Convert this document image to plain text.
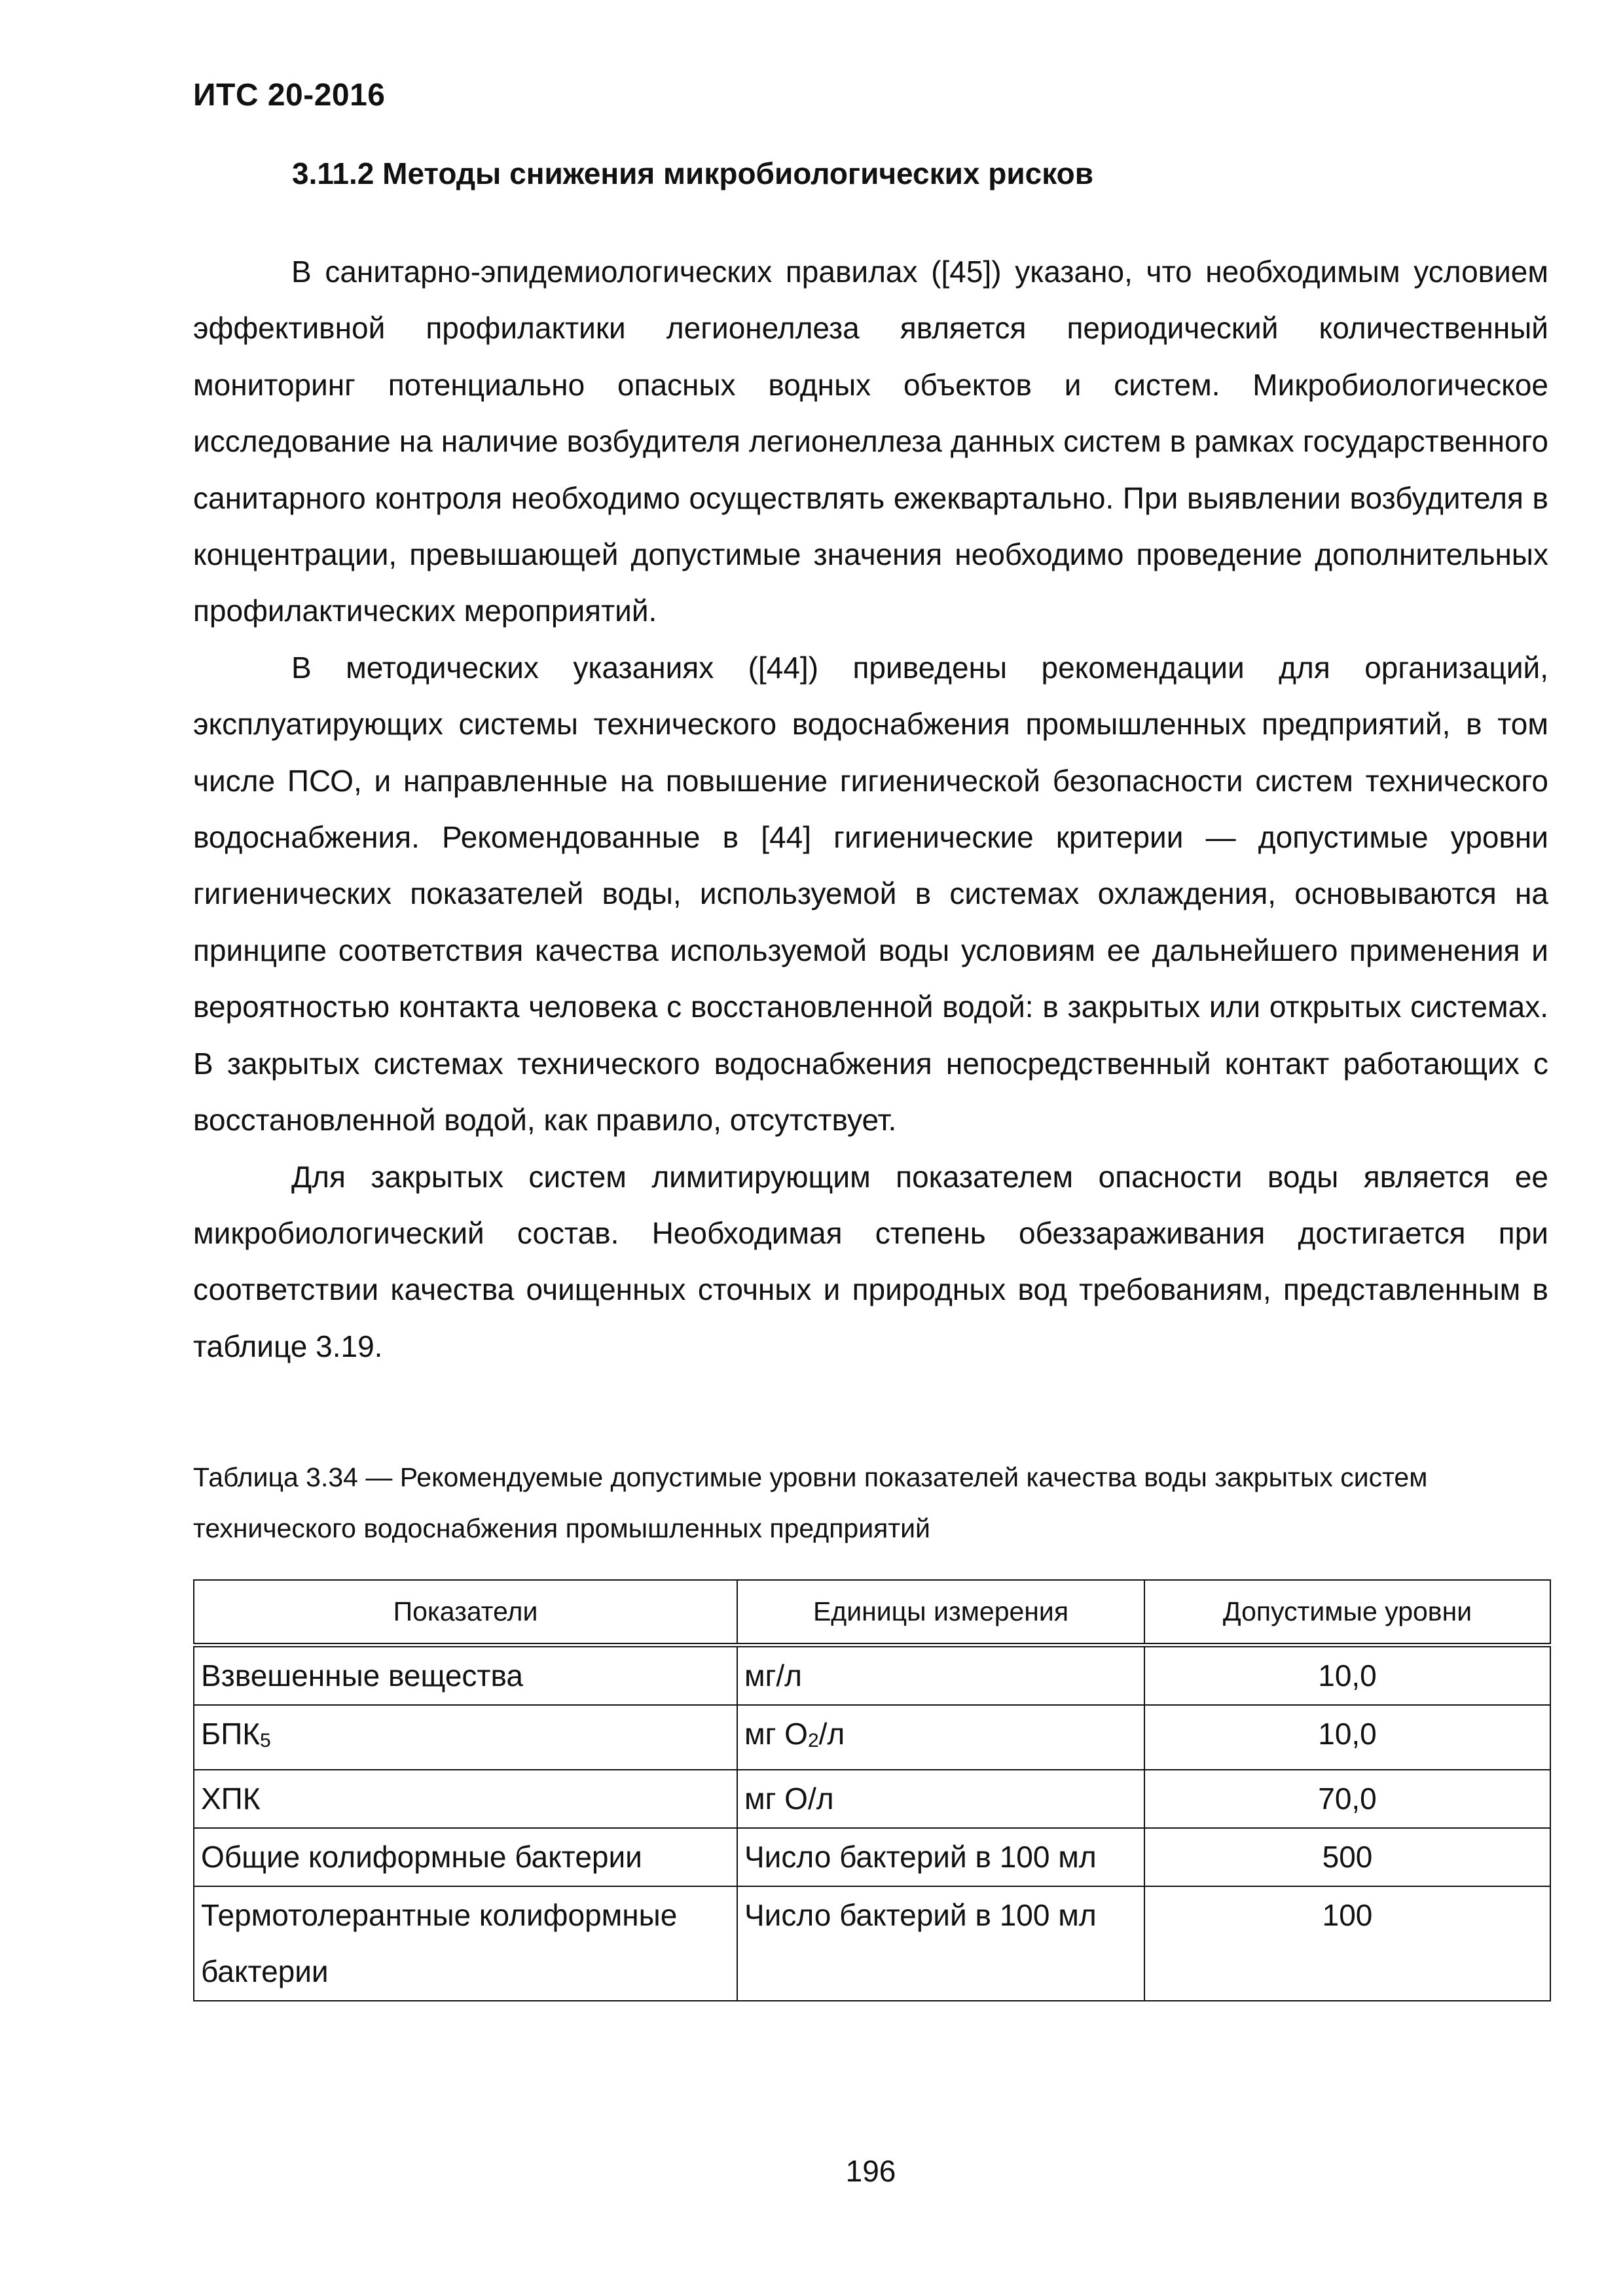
ИТС 20-2016
3.11.2 Методы снижения микробиологических рисков

В санитарно-эпидемиологических правилах ([45]) указано, что необходимым условием эффективной профилактики легионеллеза является периодический количественный мониторинг потенциально опасных водных объектов и систем. Микробиологическое исследование на наличие возбудителя легионеллеза данных систем в рамках государственного санитарного контроля необходимо осуществлять ежеквартально. При выявлении возбудителя в концентрации, превышающей допустимые значения необходимо проведение дополнительных профилактических мероприятий.

В методических указаниях ([44]) приведены рекомендации для организаций, эксплуатирующих системы технического водоснабжения промышленных предприятий, в том числе ПСО, и направленные на повышение гигиенической безопасности систем технического водоснабжения. Рекомендованные в [44] гигиенические критерии — допустимые уровни гигиенических показателей воды, используемой в системах охлаждения, основываются на принципе соответствия качества используемой воды условиям ее дальнейшего применения и вероятностью контакта человека с восстановленной водой: в закрытых или открытых системах. В закрытых системах технического водоснабжения непосредственный контакт работающих с восстановленной водой, как правило, отсутствует.

Для закрытых систем лимитирующим показателем опасности воды является ее микробиологический состав. Необходимая степень обеззараживания достигается при соответствии качества очищенных сточных и природных вод требованиям, представленным в таблице 3.19.

Таблица 3.34 — Рекомендуемые допустимые уровни показателей качества воды закрытых систем технического водоснабжения промышленных предприятий
Показатели	Единицы измерения	Допустимые уровни
Взвешенные вещества	мг/л	10,0
$БПК_5$	мг $О_2/л$	10,0
ХПК	мг О/л	70,0
Общие колиформные бактерии	Число бактерий в 100 мл	500
Термотолерантные колиформные бактерии	Число бактерий в 100 мл	100
196
